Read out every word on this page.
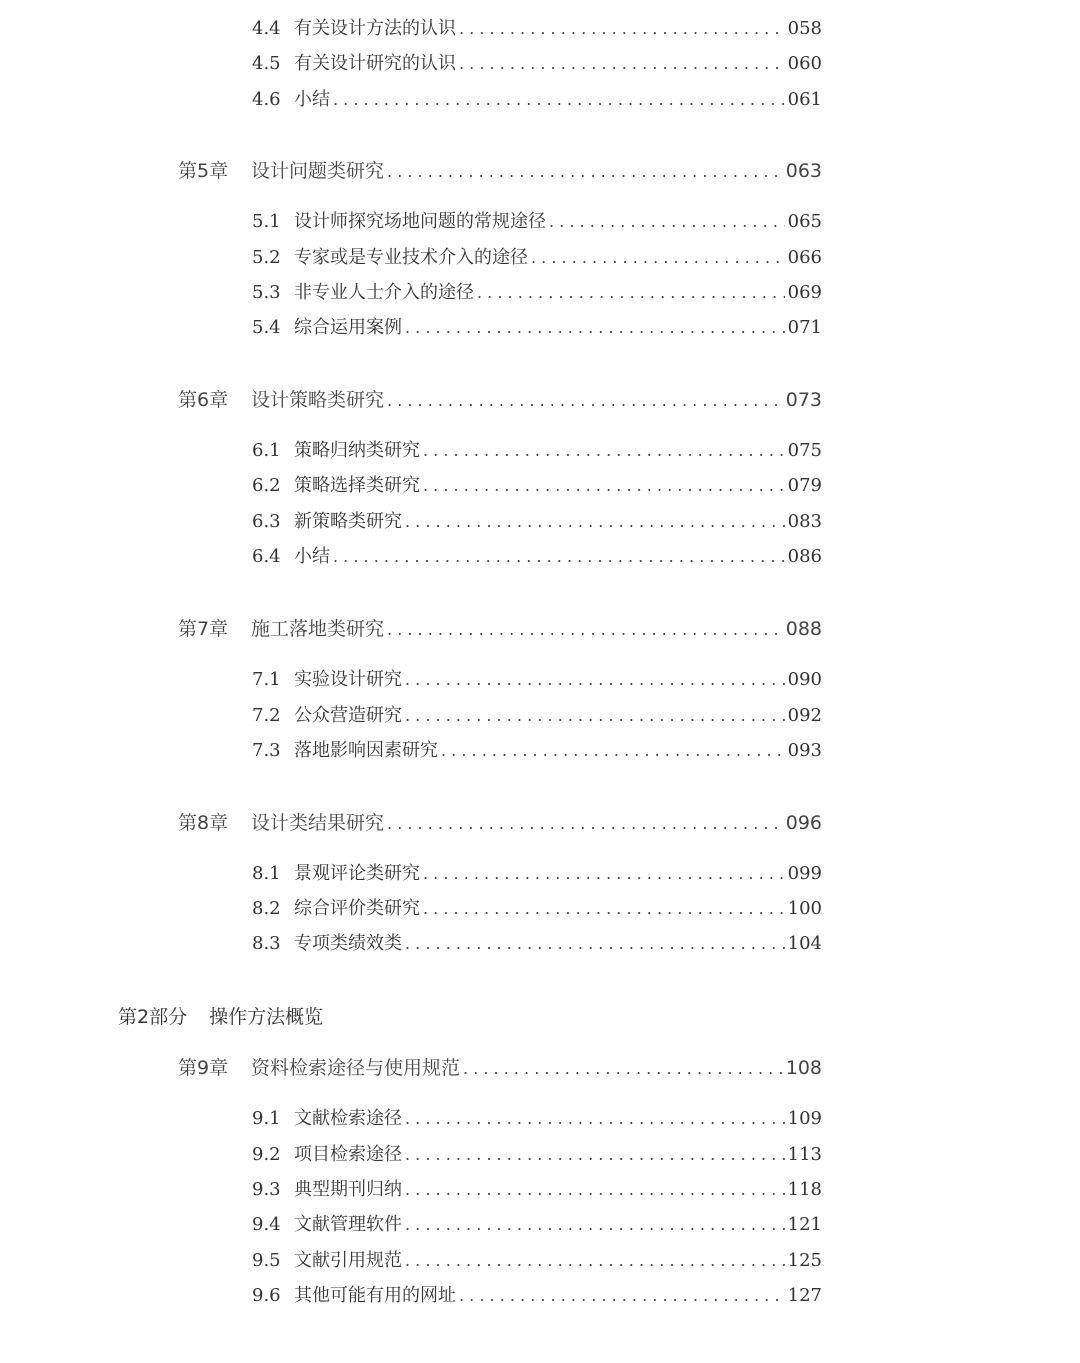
4.4 有关设计方法的认识 . . .	058
4.5 有关设计研究的认识 . . .	060
4.6 小结 . . .	061
第5章	设计问题类研究 . . .	063
5.1 设计师探究场地问题的常规途径 . . .	065
5.2 专家或是专业技术介入的途径 . . .	066
5.3 非专业人士介入的途径 . . .	069
5.4 综合运用案例 . . .	071
第6章	设计策略类研究 . . .	073
6.1 策略归纳类研究 . . .	075
6.2 策略选择类研究 . . .	079
6.3 新策略类研究 . . .	083
6.4 小结 . . .	086
第7章	施工落地类研究 . . .	088
7.1 实验设计研究 . . .	090
7.2 公众营造研究 . . .	092
7.3 落地影响因素研究 . . .	093
第8章	设计类结果研究 . . .	096
8.1 景观评论类研究 . . .	099
8.2 综合评价类研究 . . .	100
8.3 专项类绩效类 . . .	104
第2部分 操作方法概览
第9章	资料检索途径与使用规范 . . .	108
9.1 文献检索途径 . . .	109
9.2 项目检索途径 . . .	113
9.3 典型期刊归纳 . . .	118
9.4 文献管理软件 . . .	121
9.5 文献引用规范 . . .	125
9.6 其他可能有用的网址 . . .	127
